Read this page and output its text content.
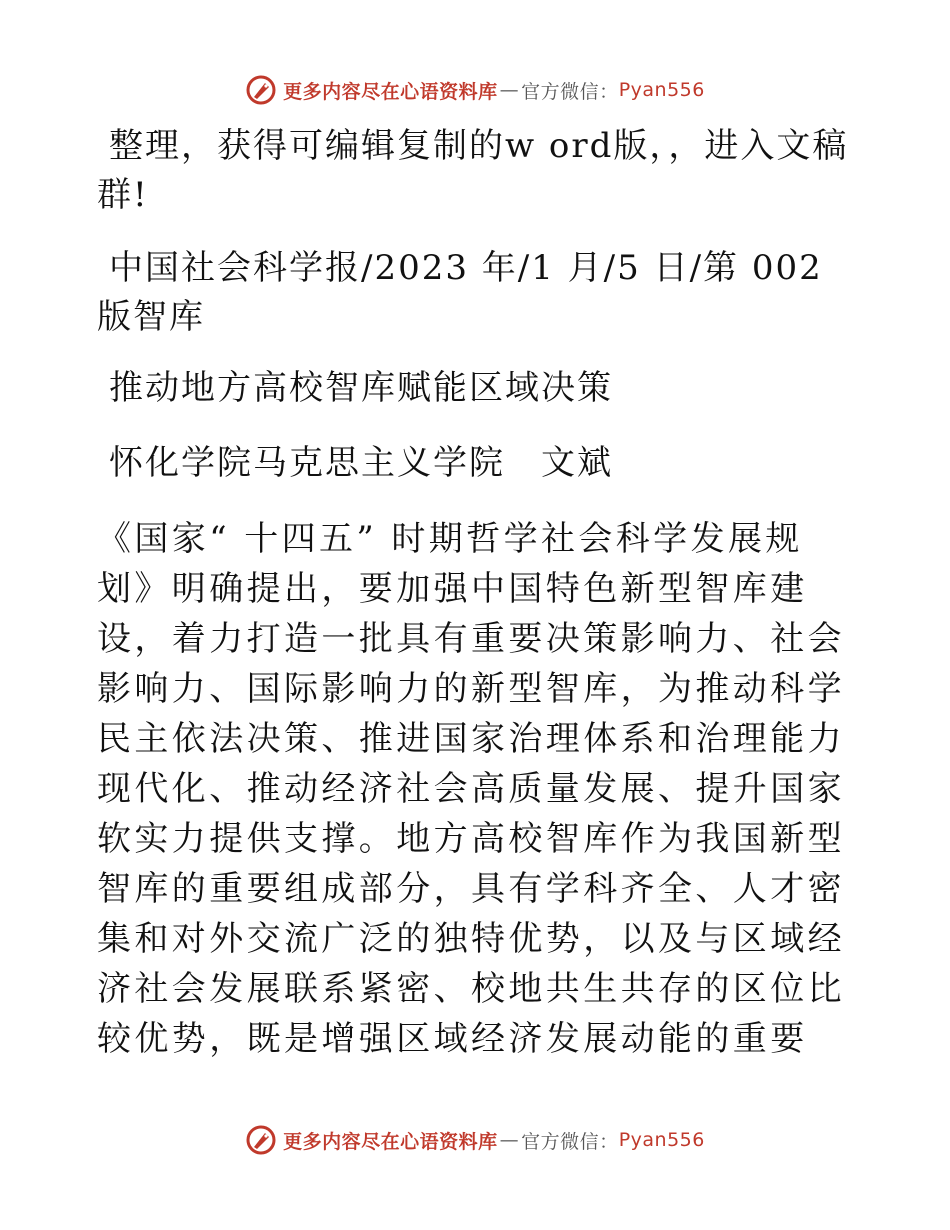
更多内容尽在心语资料库 — 官方微信： Pyan556

整理，获得可编辑复制的w ord版，，进入文稿群!

中国社会科学报/2023 年/1 月/5 日/第 002 版智库

推动地方高校智库赋能区域决策

怀化学院马克思主义学院　文斌

《国家“ 十四五” 时期哲学社会科学发展规划》明确提出，要加强中国特色新型智库建设，着力打造一批具有重要决策影响力、社会影响力、国际影响力的新型智库，为推动科学民主依法决策、推进国家治理体系和治理能力现代化、推动经济社会高质量发展、提升国家软实力提供支撑。地方高校智库作为我国新型智库的重要组成部分，具有学科齐全、人才密集和对外交流广泛的独特优势，以及与区域经济社会发展联系紧密、校地共生共存的区位比较优势，既是增强区域经济发展动能的重要

更多内容尽在心语资料库 — 官方微信： Pyan556
